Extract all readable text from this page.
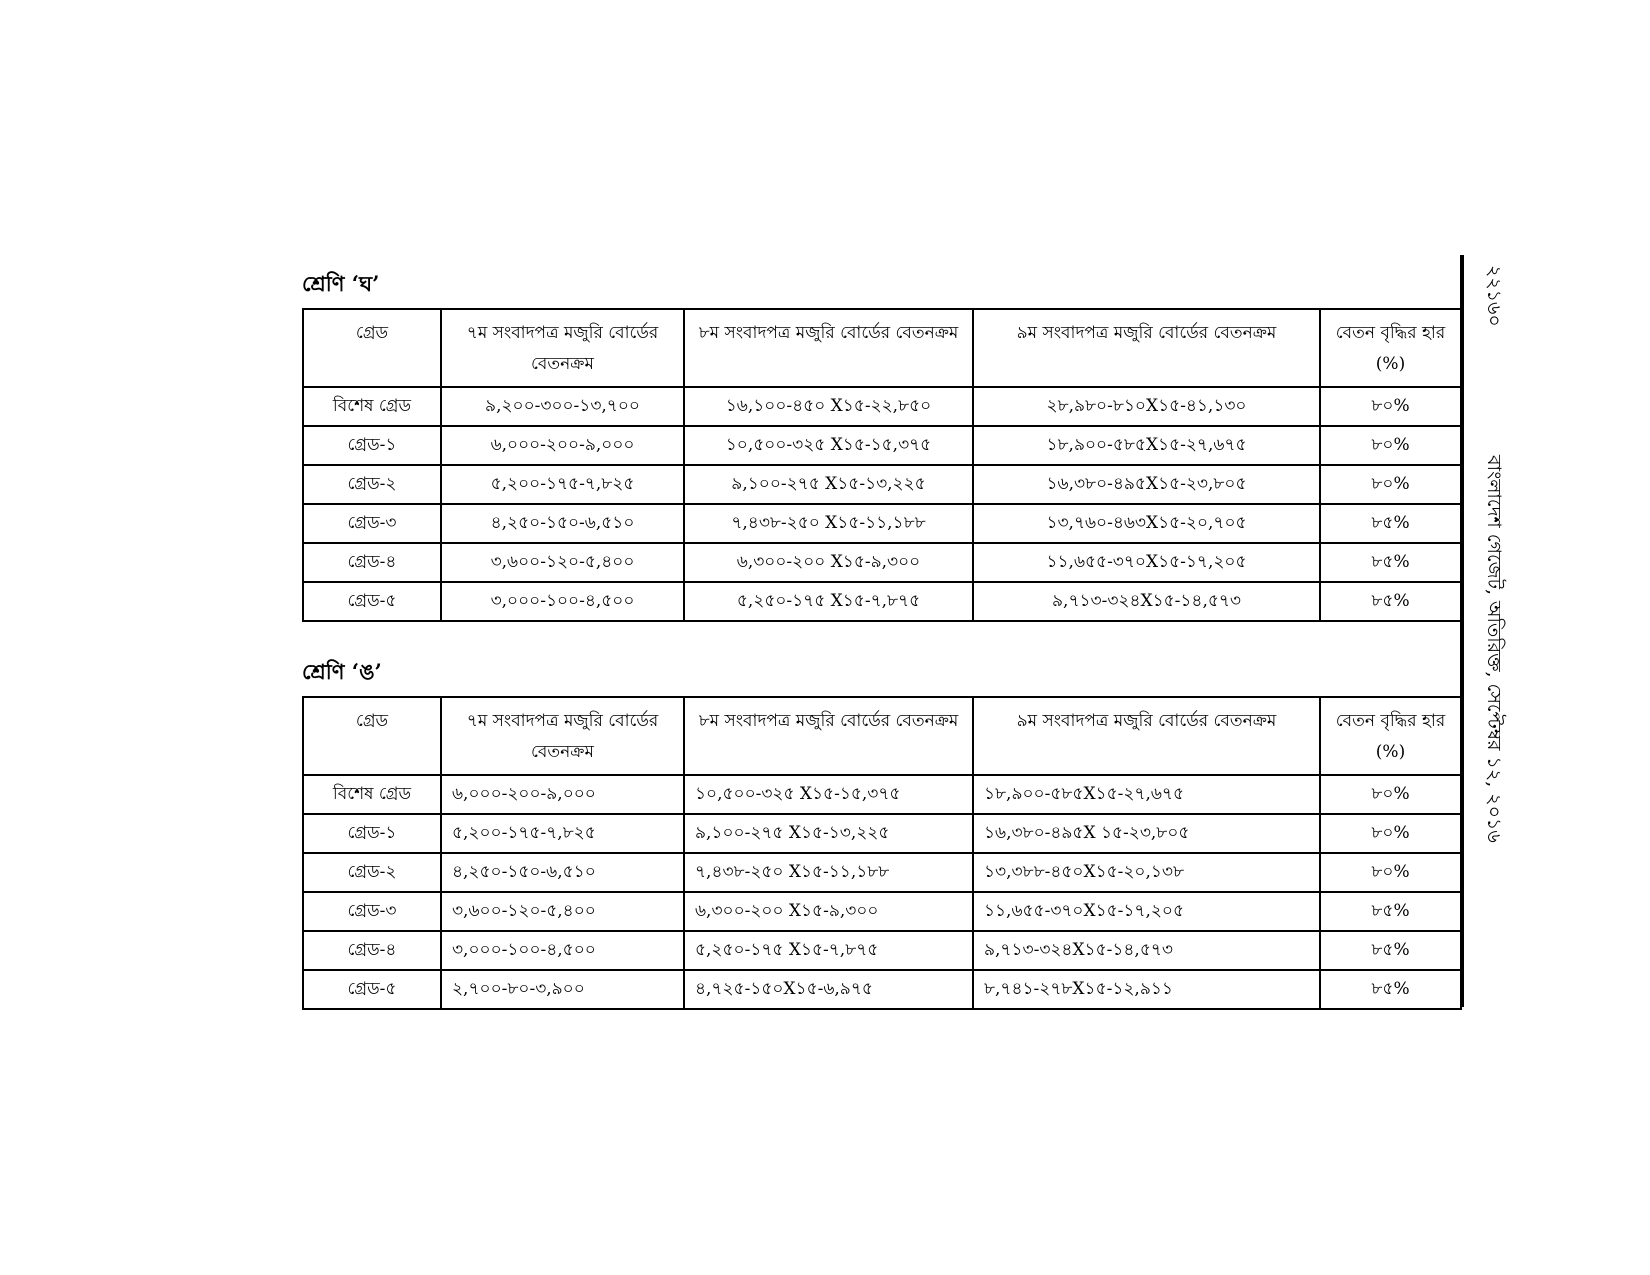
শ্রেণি ‘ঘ’
গ্রেড	৭ম সংবাদপত্র মজুরি বোর্ডের বেতনক্রম	৮ম সংবাদপত্র মজুরি বোর্ডের বেতনক্রম	৯ম সংবাদপত্র মজুরি বোর্ডের বেতনক্রম	বেতন বৃদ্ধির হার (%)
বিশেষ গ্রেড	৯,২০০-৩০০-১৩,৭০০	১৬,১০০-৪৫০ X১৫-২২,৮৫০	২৮,৯৮০-৮১০X১৫-৪১,১৩০	৮০%
গ্রেড-১	৬,০০০-২০০-৯,০০০	১০,৫০০-৩২৫ X১৫-১৫,৩৭৫	১৮,৯০০-৫৮৫X১৫-২৭,৬৭৫	৮০%
গ্রেড-২	৫,২০০-১৭৫-৭,৮২৫	৯,১০০-২৭৫ X১৫-১৩,২২৫	১৬,৩৮০-৪৯৫X১৫-২৩,৮০৫	৮০%
গ্রেড-৩	৪,২৫০-১৫০-৬,৫১০	৭,৪৩৮-২৫০ X১৫-১১,১৮৮	১৩,৭৬০-৪৬৩X১৫-২০,৭০৫	৮৫%
গ্রেড-৪	৩,৬০০-১২০-৫,৪০০	৬,৩০০-২০০ X১৫-৯,৩০০	১১,৬৫৫-৩৭০X১৫-১৭,২০৫	৮৫%
গ্রেড-৫	৩,০০০-১০০-৪,৫০০	৫,২৫০-১৭৫ X১৫-৭,৮৭৫	৯,৭১৩-৩২৪X১৫-১৪,৫৭৩	৮৫%
শ্রেণি ‘ঙ’
গ্রেড	৭ম সংবাদপত্র মজুরি বোর্ডের বেতনক্রম	৮ম সংবাদপত্র মজুরি বোর্ডের বেতনক্রম	৯ম সংবাদপত্র মজুরি বোর্ডের বেতনক্রম	বেতন বৃদ্ধির হার (%)
বিশেষ গ্রেড	৬,০০০-২০০-৯,০০০	১০,৫০০-৩২৫ X১৫-১৫,৩৭৫	১৮,৯০০-৫৮৫X১৫-২৭,৬৭৫	৮০%
গ্রেড-১	৫,২০০-১৭৫-৭,৮২৫	৯,১০০-২৭৫ X১৫-১৩,২২৫	১৬,৩৮০-৪৯৫X ১৫-২৩,৮০৫	৮০%
গ্রেড-২	৪,২৫০-১৫০-৬,৫১০	৭,৪৩৮-২৫০ X১৫-১১,১৮৮	১৩,৩৮৮-৪৫০X১৫-২০,১৩৮	৮০%
গ্রেড-৩	৩,৬০০-১২০-৫,৪০০	৬,৩০০-২০০ X১৫-৯,৩০০	১১,৬৫৫-৩৭০X১৫-১৭,২০৫	৮৫%
গ্রেড-৪	৩,০০০-১০০-৪,৫০০	৫,২৫০-১৭৫ X১৫-৭,৮৭৫	৯,৭১৩-৩২৪X১৫-১৪,৫৭৩	৮৫%
গ্রেড-৫	২,৭০০-৮০-৩,৯০০	৪,৭২৫-১৫০X১৫-৬,৯৭৫	৮,৭৪১-২৭৮X১৫-১২,৯১১	৮৫%
২২১৬০
বাংলাদেশ গেজেট, অতিরিক্ত, সেপ্টেম্বর ১২, ২০১৬
